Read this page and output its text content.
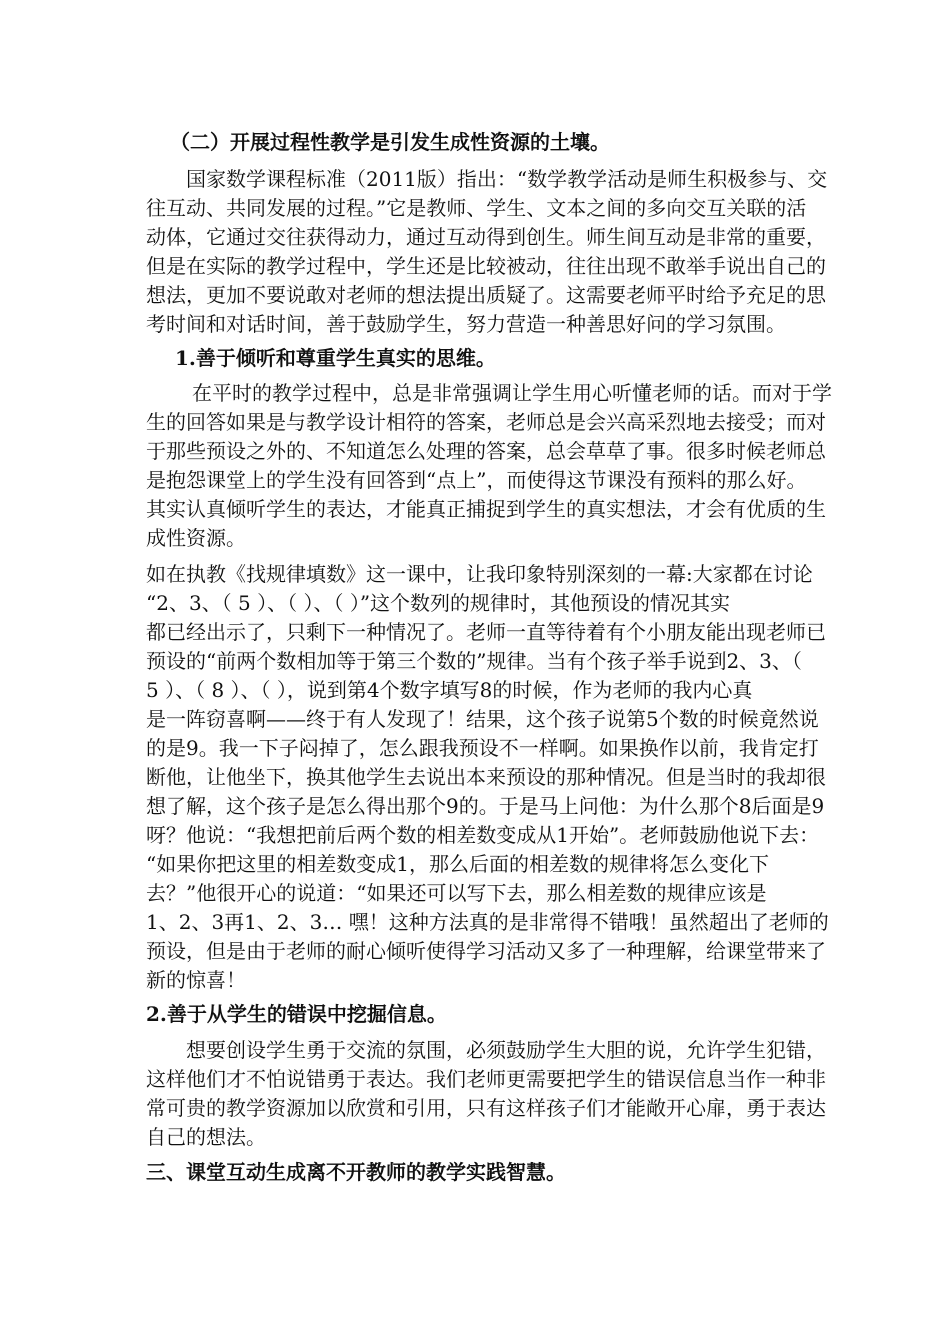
（二）开展过程性教学是引发生成性资源的土壤。
国家数学课程标准（2011版）指出：“数学教学活动是师生积极参与、交
往互动、共同发展的过程。”它是教师、学生、文本之间的多向交互关联的活
动体，它通过交往获得动力，通过互动得到创生。师生间互动是非常的重要，
但是在实际的教学过程中，学生还是比较被动，往往出现不敢举手说出自己的
想法，更加不要说敢对老师的想法提出质疑了。这需要老师平时给予充足的思
考时间和对话时间，善于鼓励学生，努力营造一种善思好问的学习氛围。
1.善于倾听和尊重学生真实的思维。
在平时的教学过程中，总是非常强调让学生用心听懂老师的话。而对于学
生的回答如果是与教学设计相符的答案，老师总是会兴高采烈地去接受；而对
于那些预设之外的、不知道怎么处理的答案，总会草草了事。很多时候老师总
是抱怨课堂上的学生没有回答到“点上”，而使得这节课没有预料的那么好。
其实认真倾听学生的表达，才能真正捕捉到学生的真实想法，才会有优质的生
成性资源。
如在执教《找规律填数》这一课中，让我印象特别深刻的一幕:大家都在讨论
“2、3、（ 5 ）、（ ）、（ ）”这个数列的规律时，其他预设的情况其实
都已经出示了，只剩下一种情况了。老师一直等待着有个小朋友能出现老师已
预设的“前两个数相加等于第三个数的”规律。当有个孩子举手说到2、3、（
5 ）、（ 8 ）、（ ），说到第4个数字填写8的时候，作为老师的我内心真
是一阵窃喜啊——终于有人发现了！结果，这个孩子说第5个数的时候竟然说
的是9。我一下子闷掉了，怎么跟我预设不一样啊。如果换作以前，我肯定打
断他，让他坐下，换其他学生去说出本来预设的那种情况。但是当时的我却很
想了解，这个孩子是怎么得出那个9的。于是马上问他：为什么那个8后面是9
呀？他说：“我想把前后两个数的相差数变成从1开始”。老师鼓励他说下去：
“如果你把这里的相差数变成1，那么后面的相差数的规律将怎么变化下
去？”他很开心的说道：“如果还可以写下去，那么相差数的规律应该是
1、2、3再1、2、3… 嘿！这种方法真的是非常得不错哦！虽然超出了老师的
预设，但是由于老师的耐心倾听使得学习活动又多了一种理解，给课堂带来了
新的惊喜！
2.善于从学生的错误中挖掘信息。
想要创设学生勇于交流的氛围，必须鼓励学生大胆的说，允许学生犯错，
这样他们才不怕说错勇于表达。我们老师更需要把学生的错误信息当作一种非
常可贵的教学资源加以欣赏和引用，只有这样孩子们才能敞开心扉，勇于表达
自己的想法。
三、课堂互动生成离不开教师的教学实践智慧。
